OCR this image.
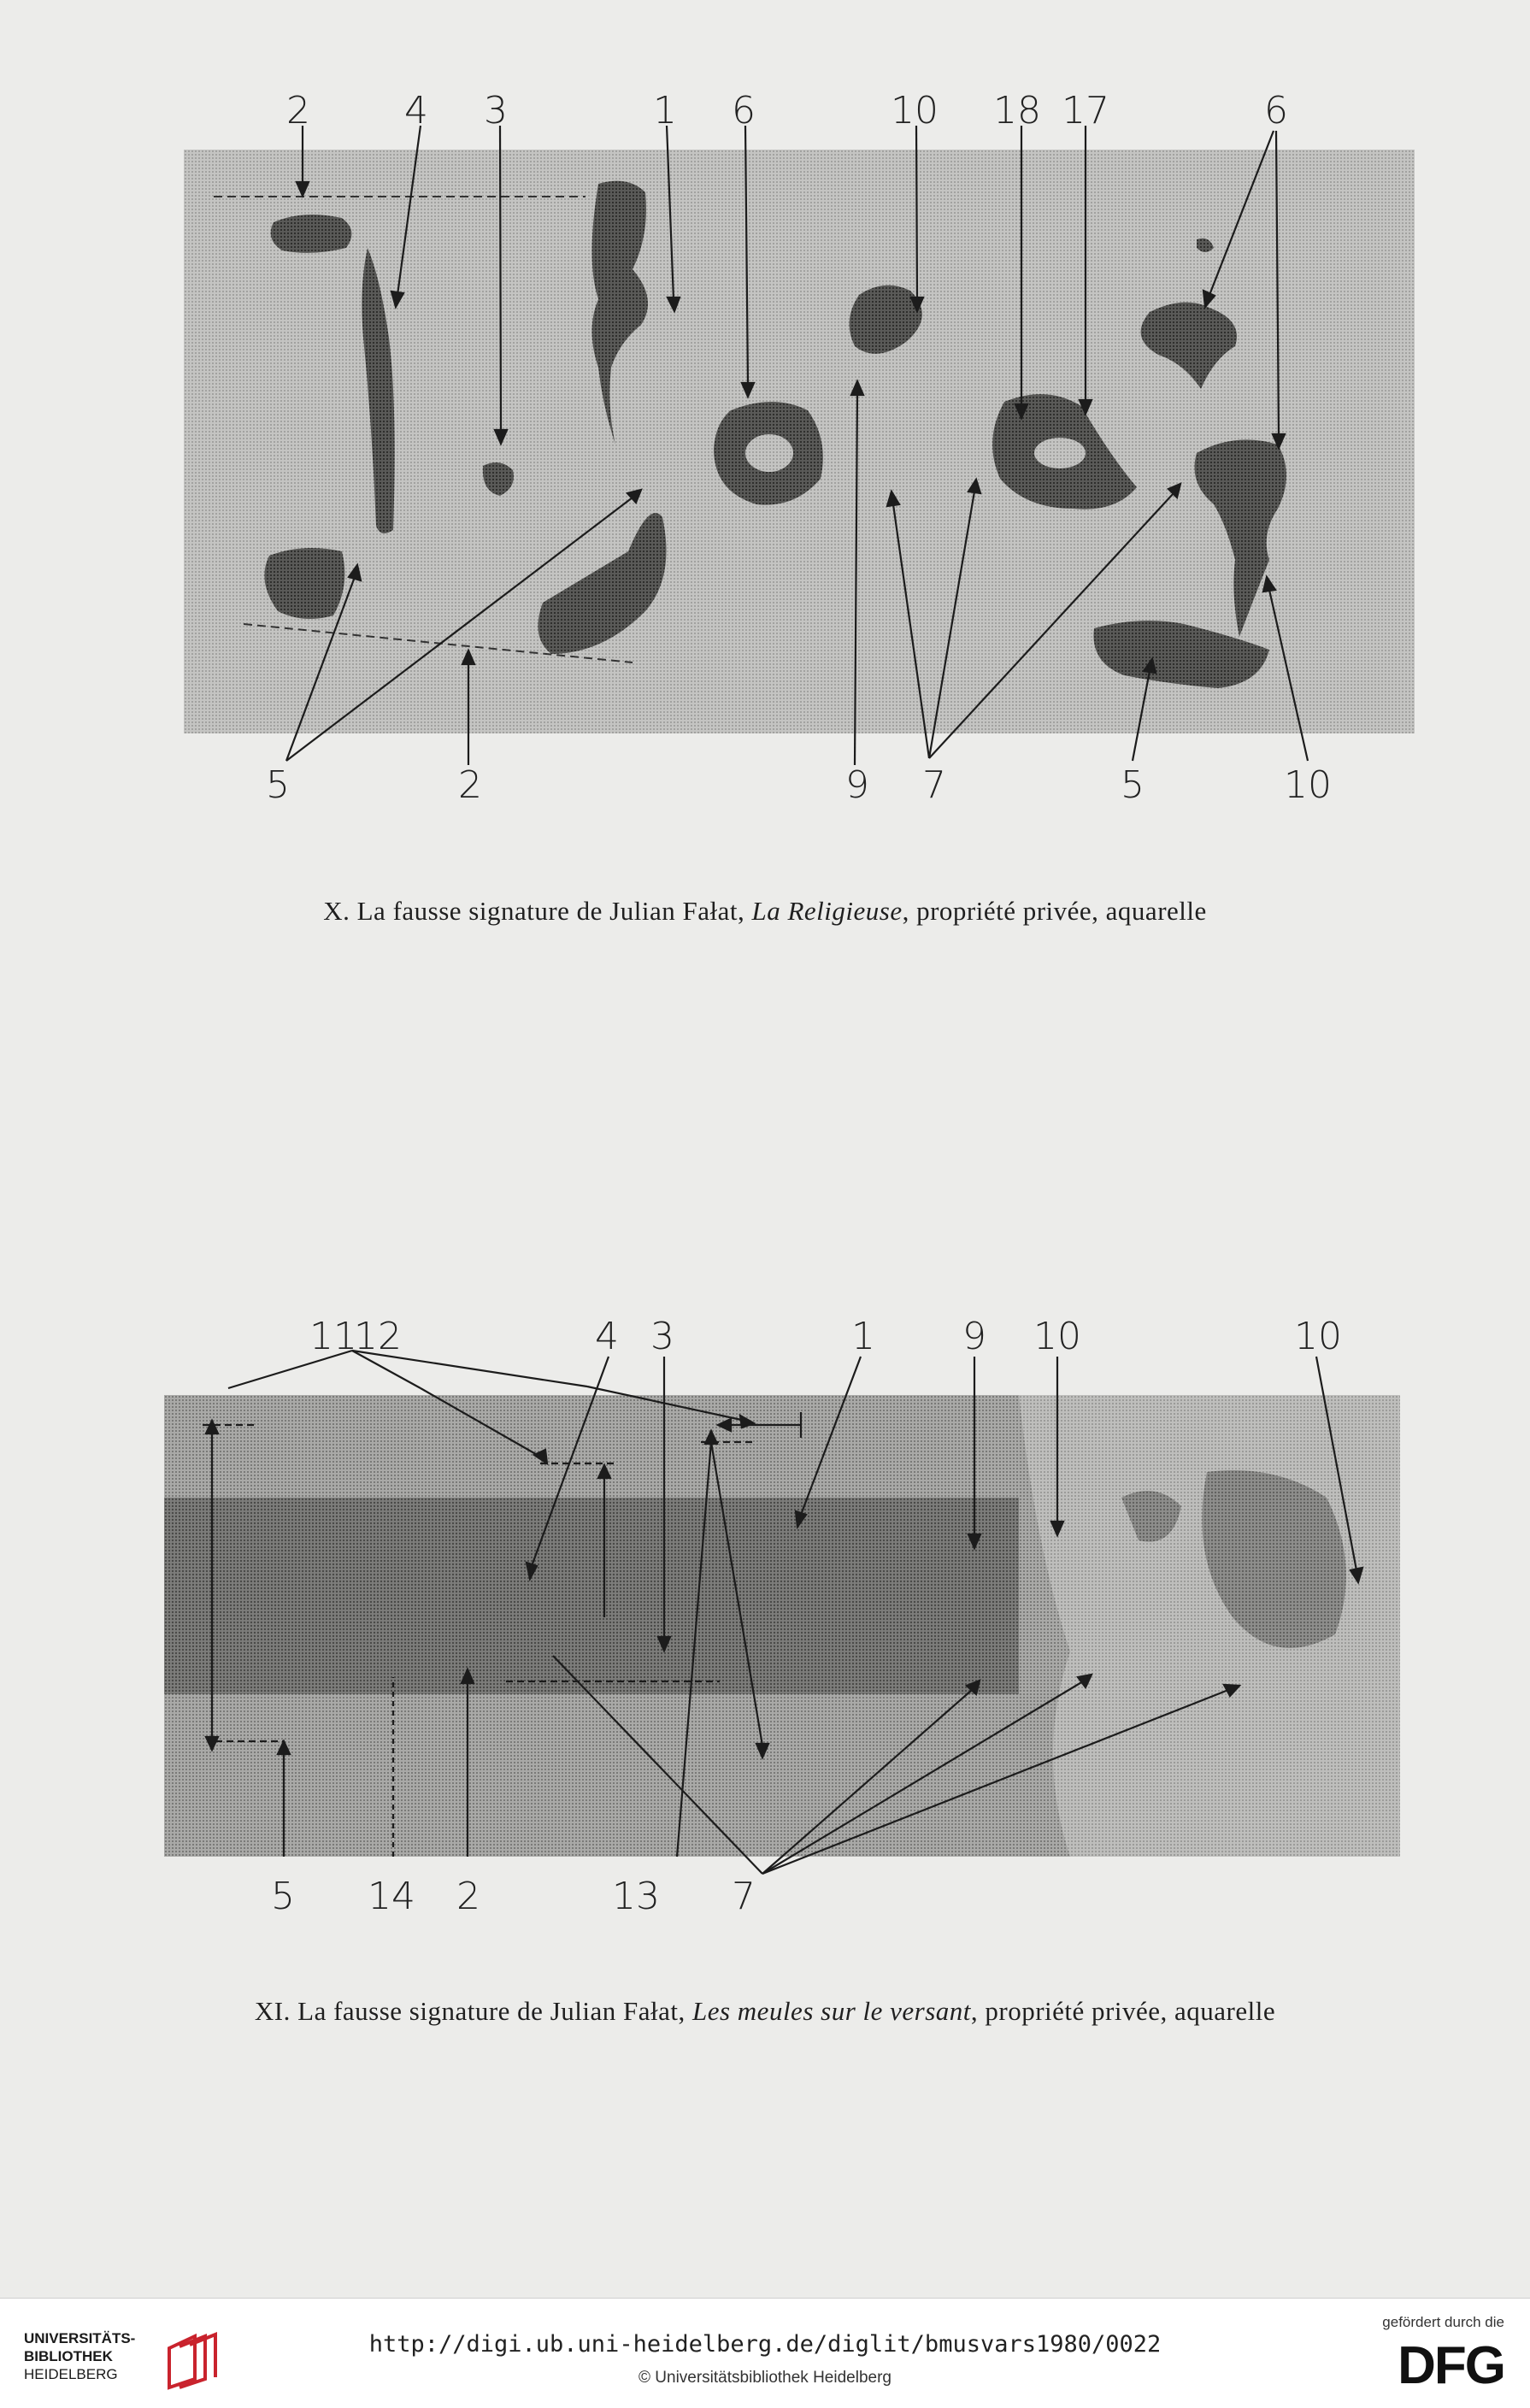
2	4 3	1 6	10 18 17	6
5	2	9 7	5	10
X. La fausse signature de Julian Fałat, La Religieuse, propriété privée, aquarelle
11
12	4 3	1 9 10	10
5 14 2	13 7
XI. La fausse signature de Julian Fałat, Les meules sur le versant, propriété privée, aquarelle
UNIVERSITÄTS-
BIBLIOTHEK
HEIDELBERG
http://digi.ub.uni-heidelberg.de/diglit/bmusvars1980/0022
© Universitätsbibliothek Heidelberg
gefördert durch die
DFG
